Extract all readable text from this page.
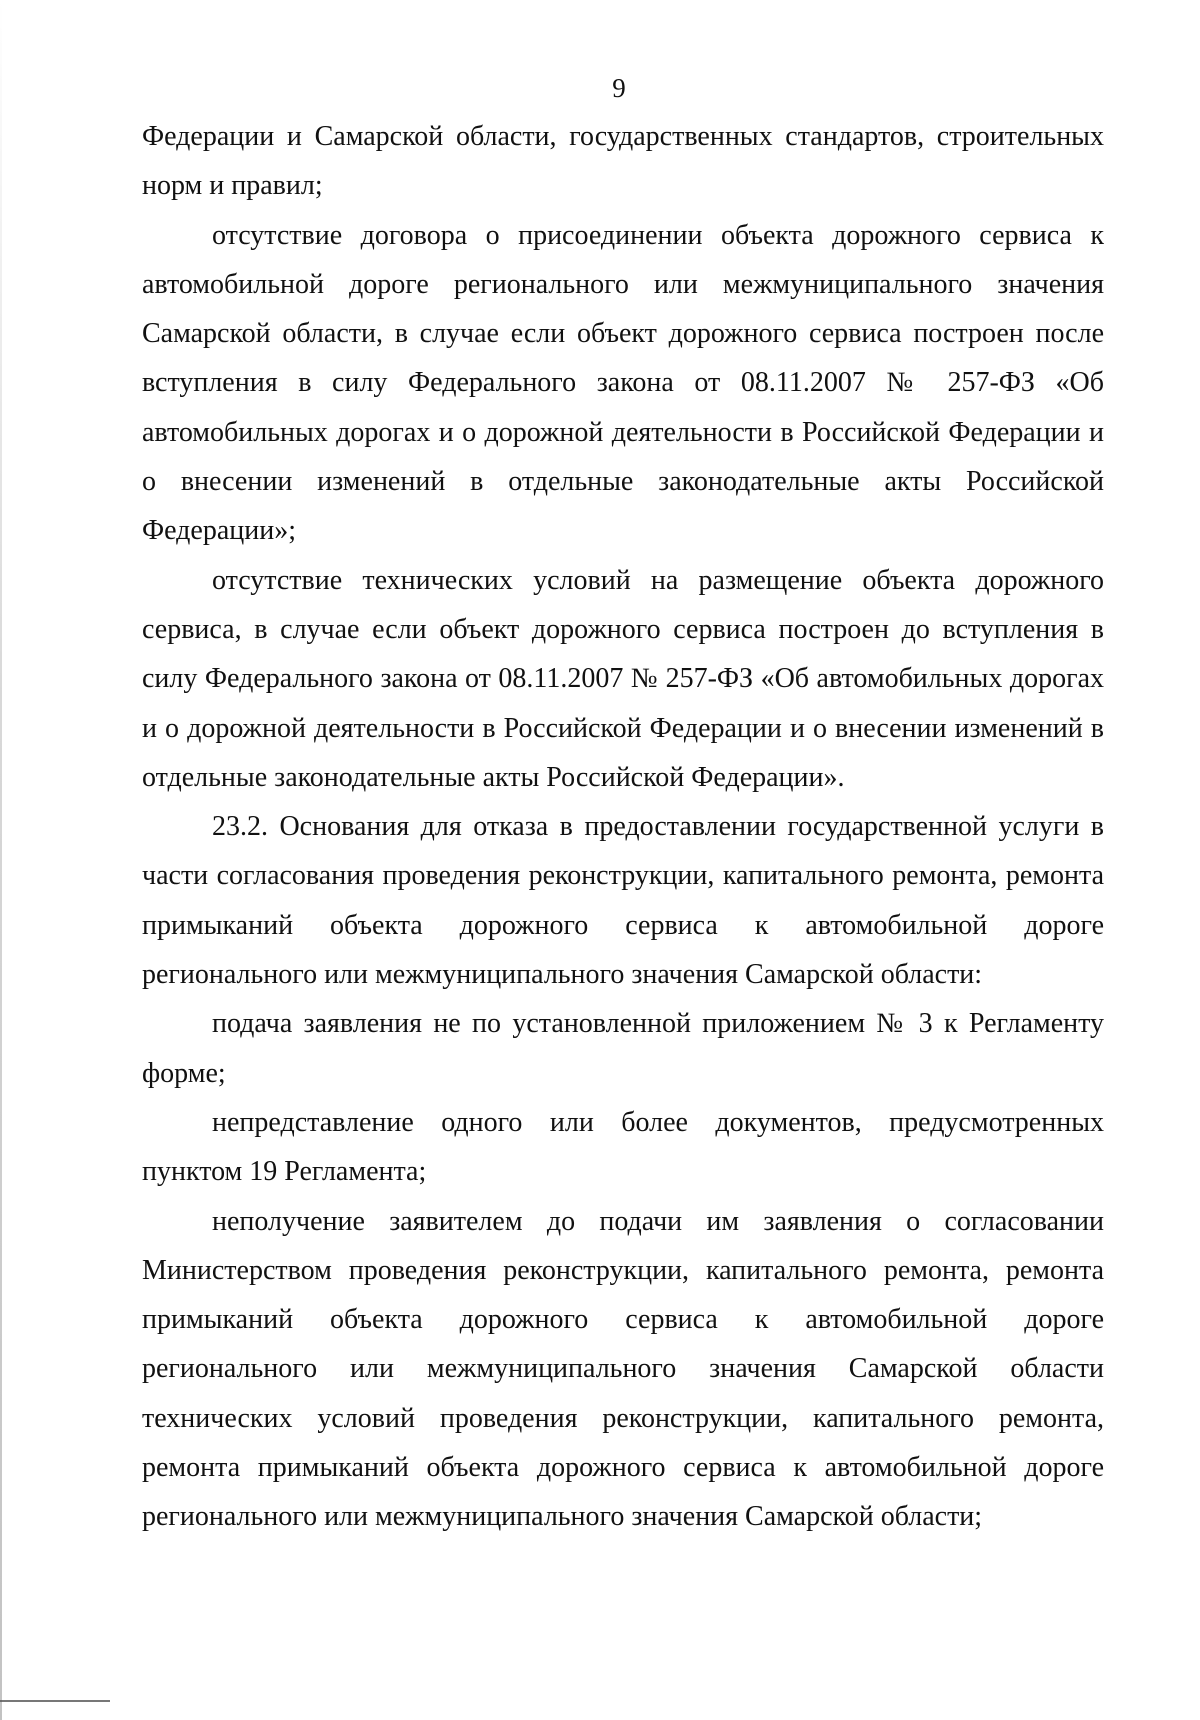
9

Федерации и Самарской области, государственных стандартов, строительных норм и правил;

отсутствие договора о присоединении объекта дорожного сервиса к автомобильной дороге регионального или межмуниципального значения Самарской области, в случае если объект дорожного сервиса построен после вступления в силу Федерального закона от 08.11.2007 № 257-ФЗ «Об автомобильных дорогах и о дорожной деятельности в Российской Федерации и о внесении изменений в отдельные законодательные акты Российской Федерации»;

отсутствие технических условий на размещение объекта дорожного сервиса, в случае если объект дорожного сервиса построен до вступления в силу Федерального закона от 08.11.2007 № 257-ФЗ «Об автомобильных дорогах и о дорожной деятельности в Российской Федерации и о внесении изменений в отдельные законодательные акты Российской Федерации».

23.2. Основания для отказа в предоставлении государственной услуги в части согласования проведения реконструкции, капитального ремонта, ремонта примыканий объекта дорожного сервиса к автомобильной дороге регионального или межмуниципального значения Самарской области:

подача заявления не по установленной приложением № 3 к Регламенту форме;

непредставление одного или более документов, предусмотренных пунктом 19 Регламента;

неполучение заявителем до подачи им заявления о согласовании Министерством проведения реконструкции, капитального ремонта, ремонта примыканий объекта дорожного сервиса к автомобильной дороге регионального или межмуниципального значения Самарской области технических условий проведения реконструкции, капитального ремонта, ремонта примыканий объекта дорожного сервиса к автомобильной дороге регионального или межмуниципального значения Самарской области;
